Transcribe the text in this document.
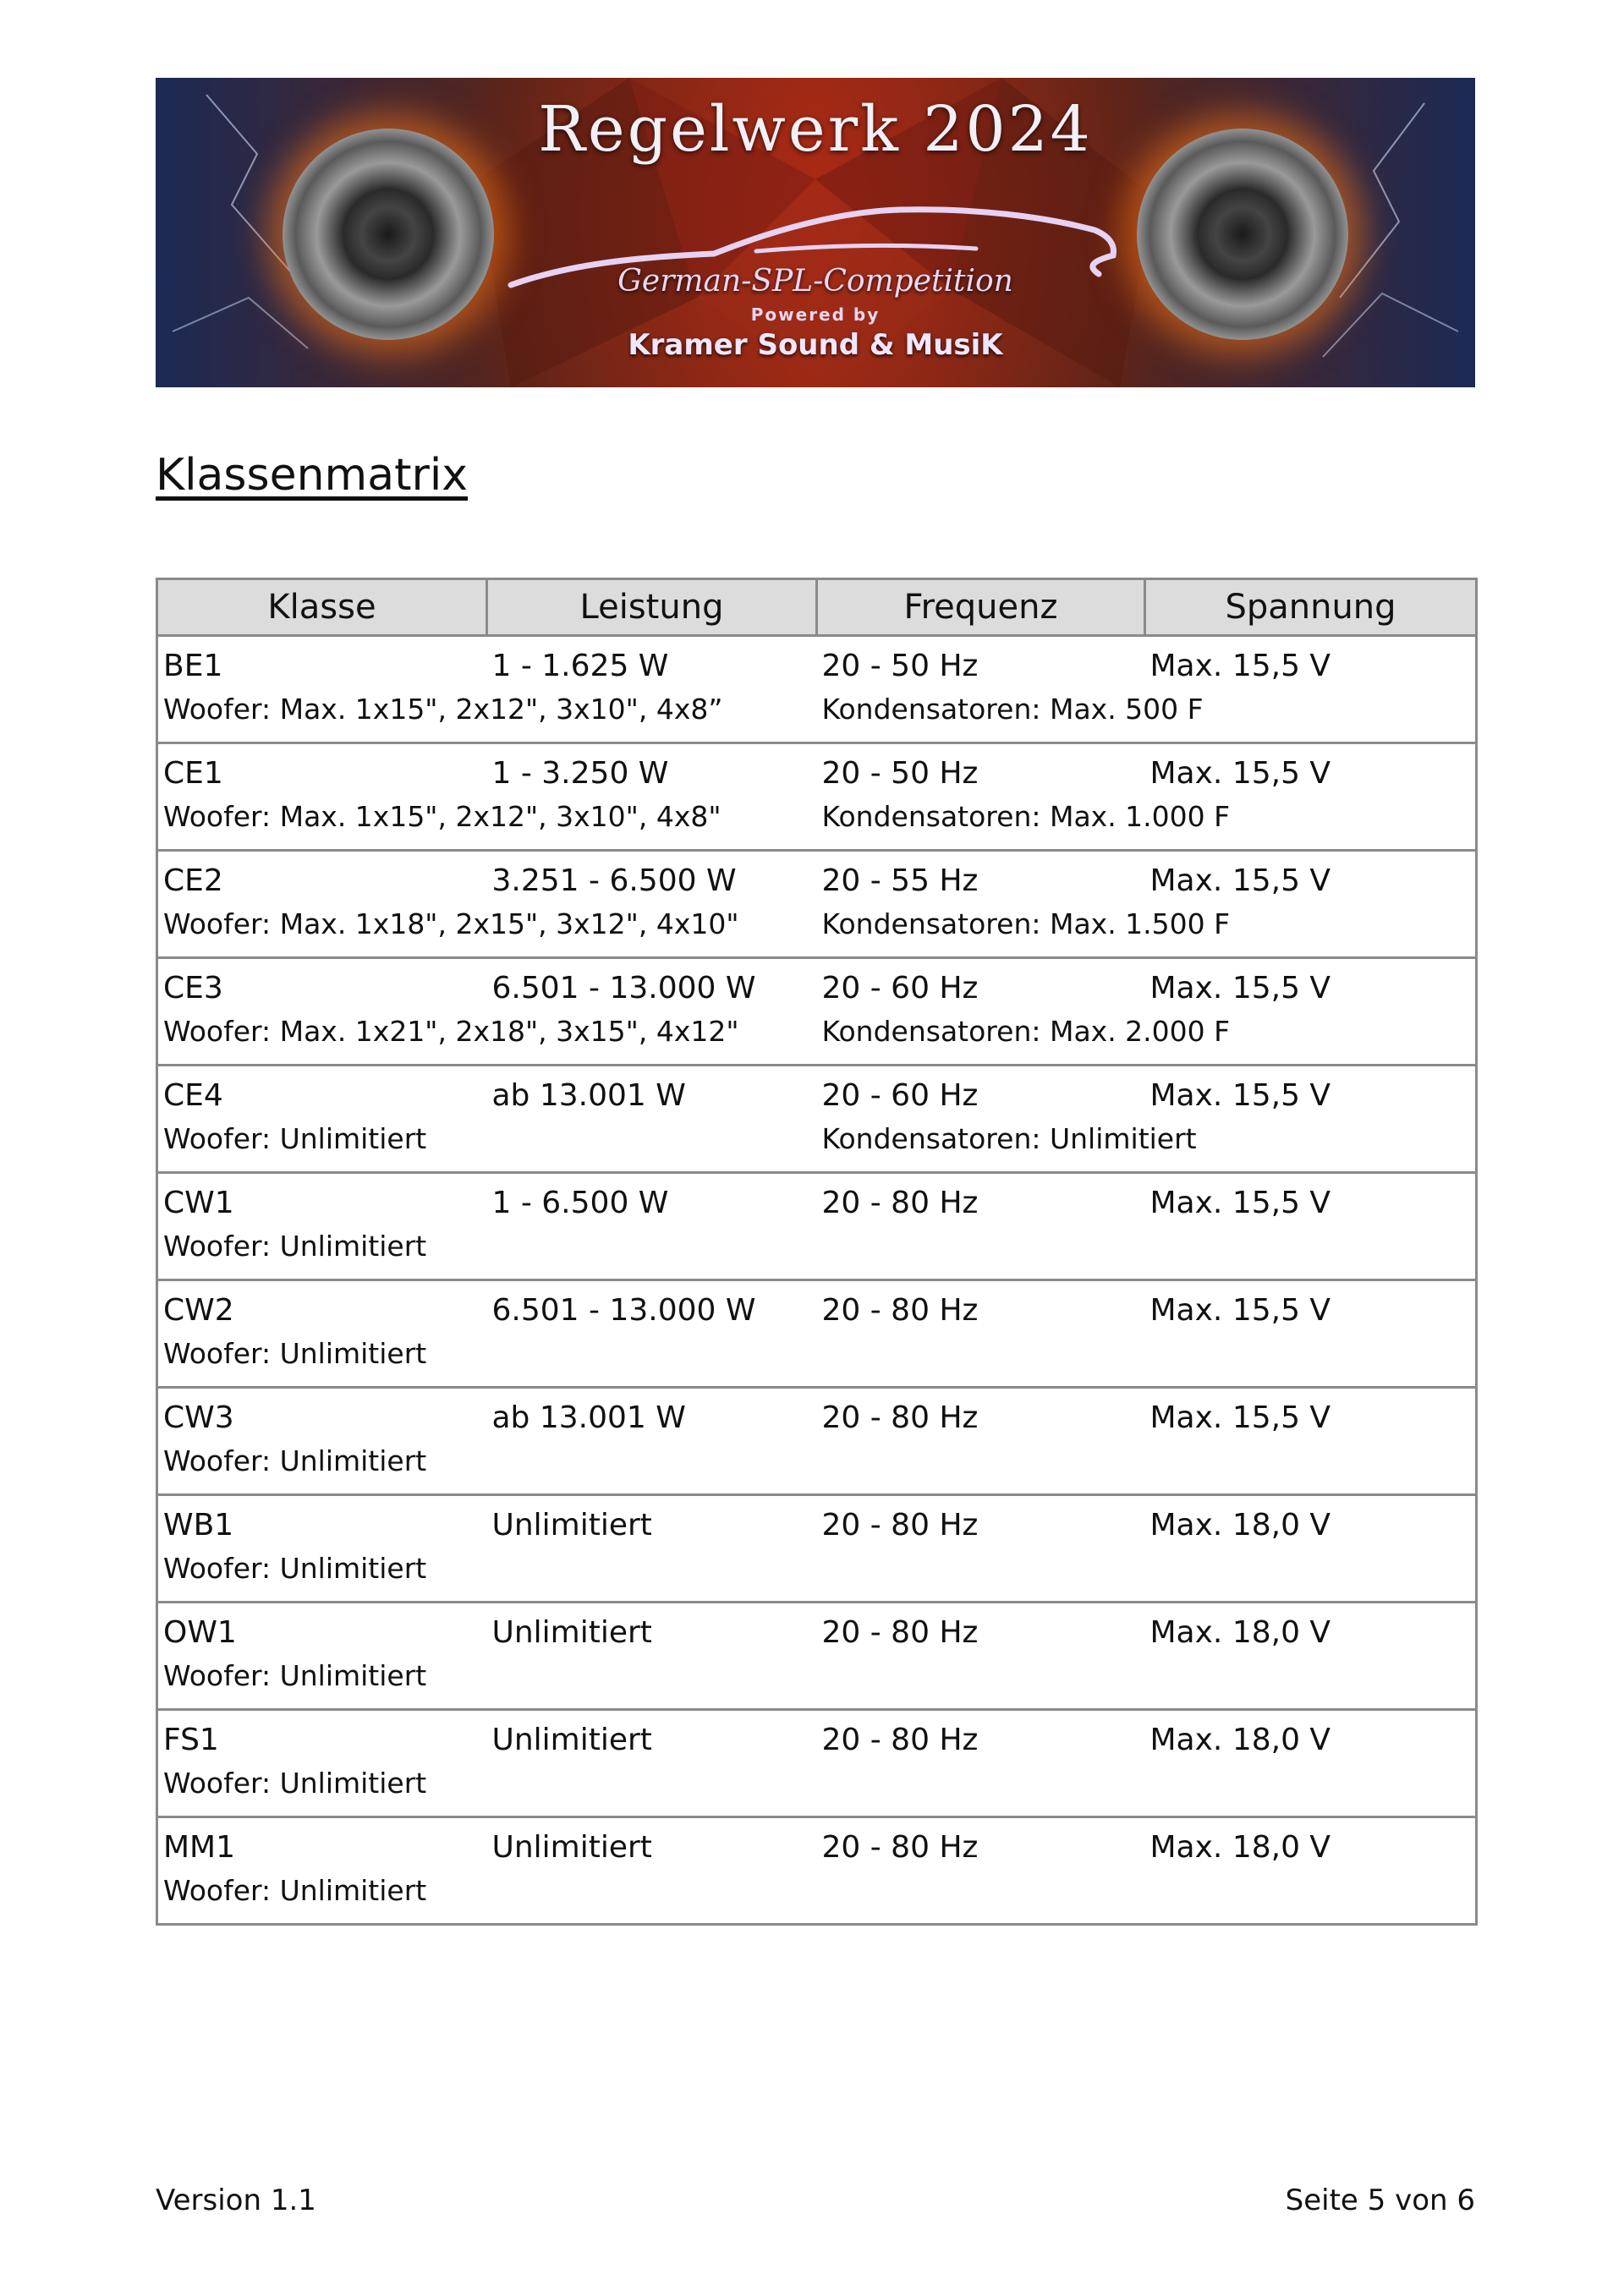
Regelwerk 2024
German-SPL-Competition
Powered by
Kramer Sound & MusiK
Klassenmatrix
Klasse	Leistung	Frequenz	Spannung
BE1	1 - 1.625 W	20 - 50 Hz	Max. 15,5 V
Woofer: Max. 1x15", 2x12", 3x10", 4x8”		Kondensatoren: Max. 500 F	
CE1	1 - 3.250 W	20 - 50 Hz	Max. 15,5 V
Woofer: Max. 1x15", 2x12", 3x10", 4x8"		Kondensatoren: Max. 1.000 F	
CE2	3.251 - 6.500 W	20 - 55 Hz	Max. 15,5 V
Woofer: Max. 1x18", 2x15", 3x12", 4x10"		Kondensatoren: Max. 1.500 F	
CE3	6.501 - 13.000 W	20 - 60 Hz	Max. 15,5 V
Woofer: Max. 1x21", 2x18", 3x15", 4x12"		Kondensatoren: Max. 2.000 F	
CE4	ab 13.001 W	20 - 60 Hz	Max. 15,5 V
Woofer: Unlimitiert		Kondensatoren: Unlimitiert	
CW1	1 - 6.500 W	20 - 80 Hz	Max. 15,5 V
Woofer: Unlimitiert			
CW2	6.501 - 13.000 W	20 - 80 Hz	Max. 15,5 V
Woofer: Unlimitiert			
CW3	ab 13.001 W	20 - 80 Hz	Max. 15,5 V
Woofer: Unlimitiert			
WB1	Unlimitiert	20 - 80 Hz	Max. 18,0 V
Woofer: Unlimitiert			
OW1	Unlimitiert	20 - 80 Hz	Max. 18,0 V
Woofer: Unlimitiert			
FS1	Unlimitiert	20 - 80 Hz	Max. 18,0 V
Woofer: Unlimitiert			
MM1	Unlimitiert	20 - 80 Hz	Max. 18,0 V
Woofer: Unlimitiert			
Version 1.1	Seite 5 von 6
